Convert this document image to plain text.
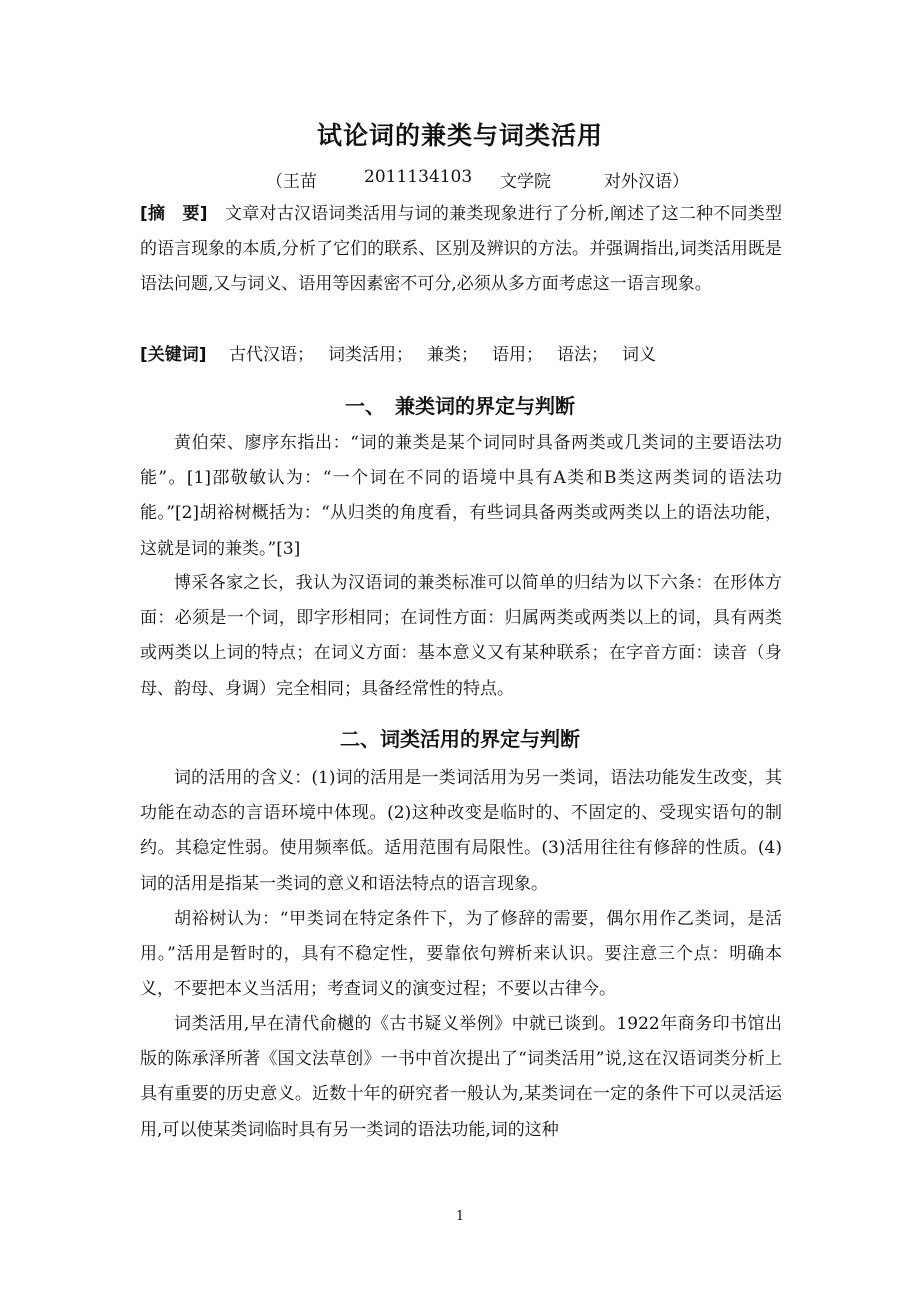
试论词的兼类与词类活用
（王苗	2011134103 文学院	对外汉语）

[摘　要]　 文章对古汉语词类活用与词的兼类现象进行了分析,阐述了这二种不同类型的语言现象的本质,分析了它们的联系、区别及辨识的方法。并强调指出,词类活用既是语法问题,又与词义、语用等因素密不可分,必须从多方面考虑这一语言现象。

[关键词]　 古代汉语； 词类活用； 兼类； 语用； 语法； 词义

一、　兼类词的界定与判断

黄伯荣、廖序东指出：“词的兼类是某个词同时具备两类或几类词的主要语法功能”。[1]邵敬敏认为：“一个词在不同的语境中具有A类和B类这两类词的语法功能。”[2]胡裕树概括为：“从归类的角度看，有些词具备两类或两类以上的语法功能，这就是词的兼类。”[3]

博采各家之长，我认为汉语词的兼类标准可以简单的归结为以下六条：在形体方面：必须是一个词，即字形相同；在词性方面：归属两类或两类以上的词，具有两类或两类以上词的特点；在词义方面：基本意义又有某种联系；在字音方面：读音（身母、韵母、身调）完全相同；具备经常性的特点。

二、词类活用的界定与判断

词的活用的含义：(1)词的活用是一类词活用为另一类词，语法功能发生改变，其功能在动态的言语环境中体现。(2)这种改变是临时的、不固定的、受现实语句的制约。其稳定性弱。使用频率低。适用范围有局限性。(3)活用往往有修辞的性质。(4)词的活用是指某一类词的意义和语法特点的语言现象。

胡裕树认为：“甲类词在特定条件下，为了修辞的需要，偶尔用作乙类词，是活用。”活用是暂时的，具有不稳定性，要靠依句辨析来认识。要注意三个点：明确本义，不要把本义当活用；考查词义的演变过程；不要以古律今。

词类活用,早在清代俞樾的《古书疑义举例》中就已谈到。1922年商务印书馆出版的陈承泽所著《国文法草创》一书中首次提出了“词类活用”说,这在汉语词类分析上具有重要的历史意义。近数十年的研究者一般认为,某类词在一定的条件下可以灵活运用,可以使某类词临时具有另一类词的语法功能,词的这种

1
